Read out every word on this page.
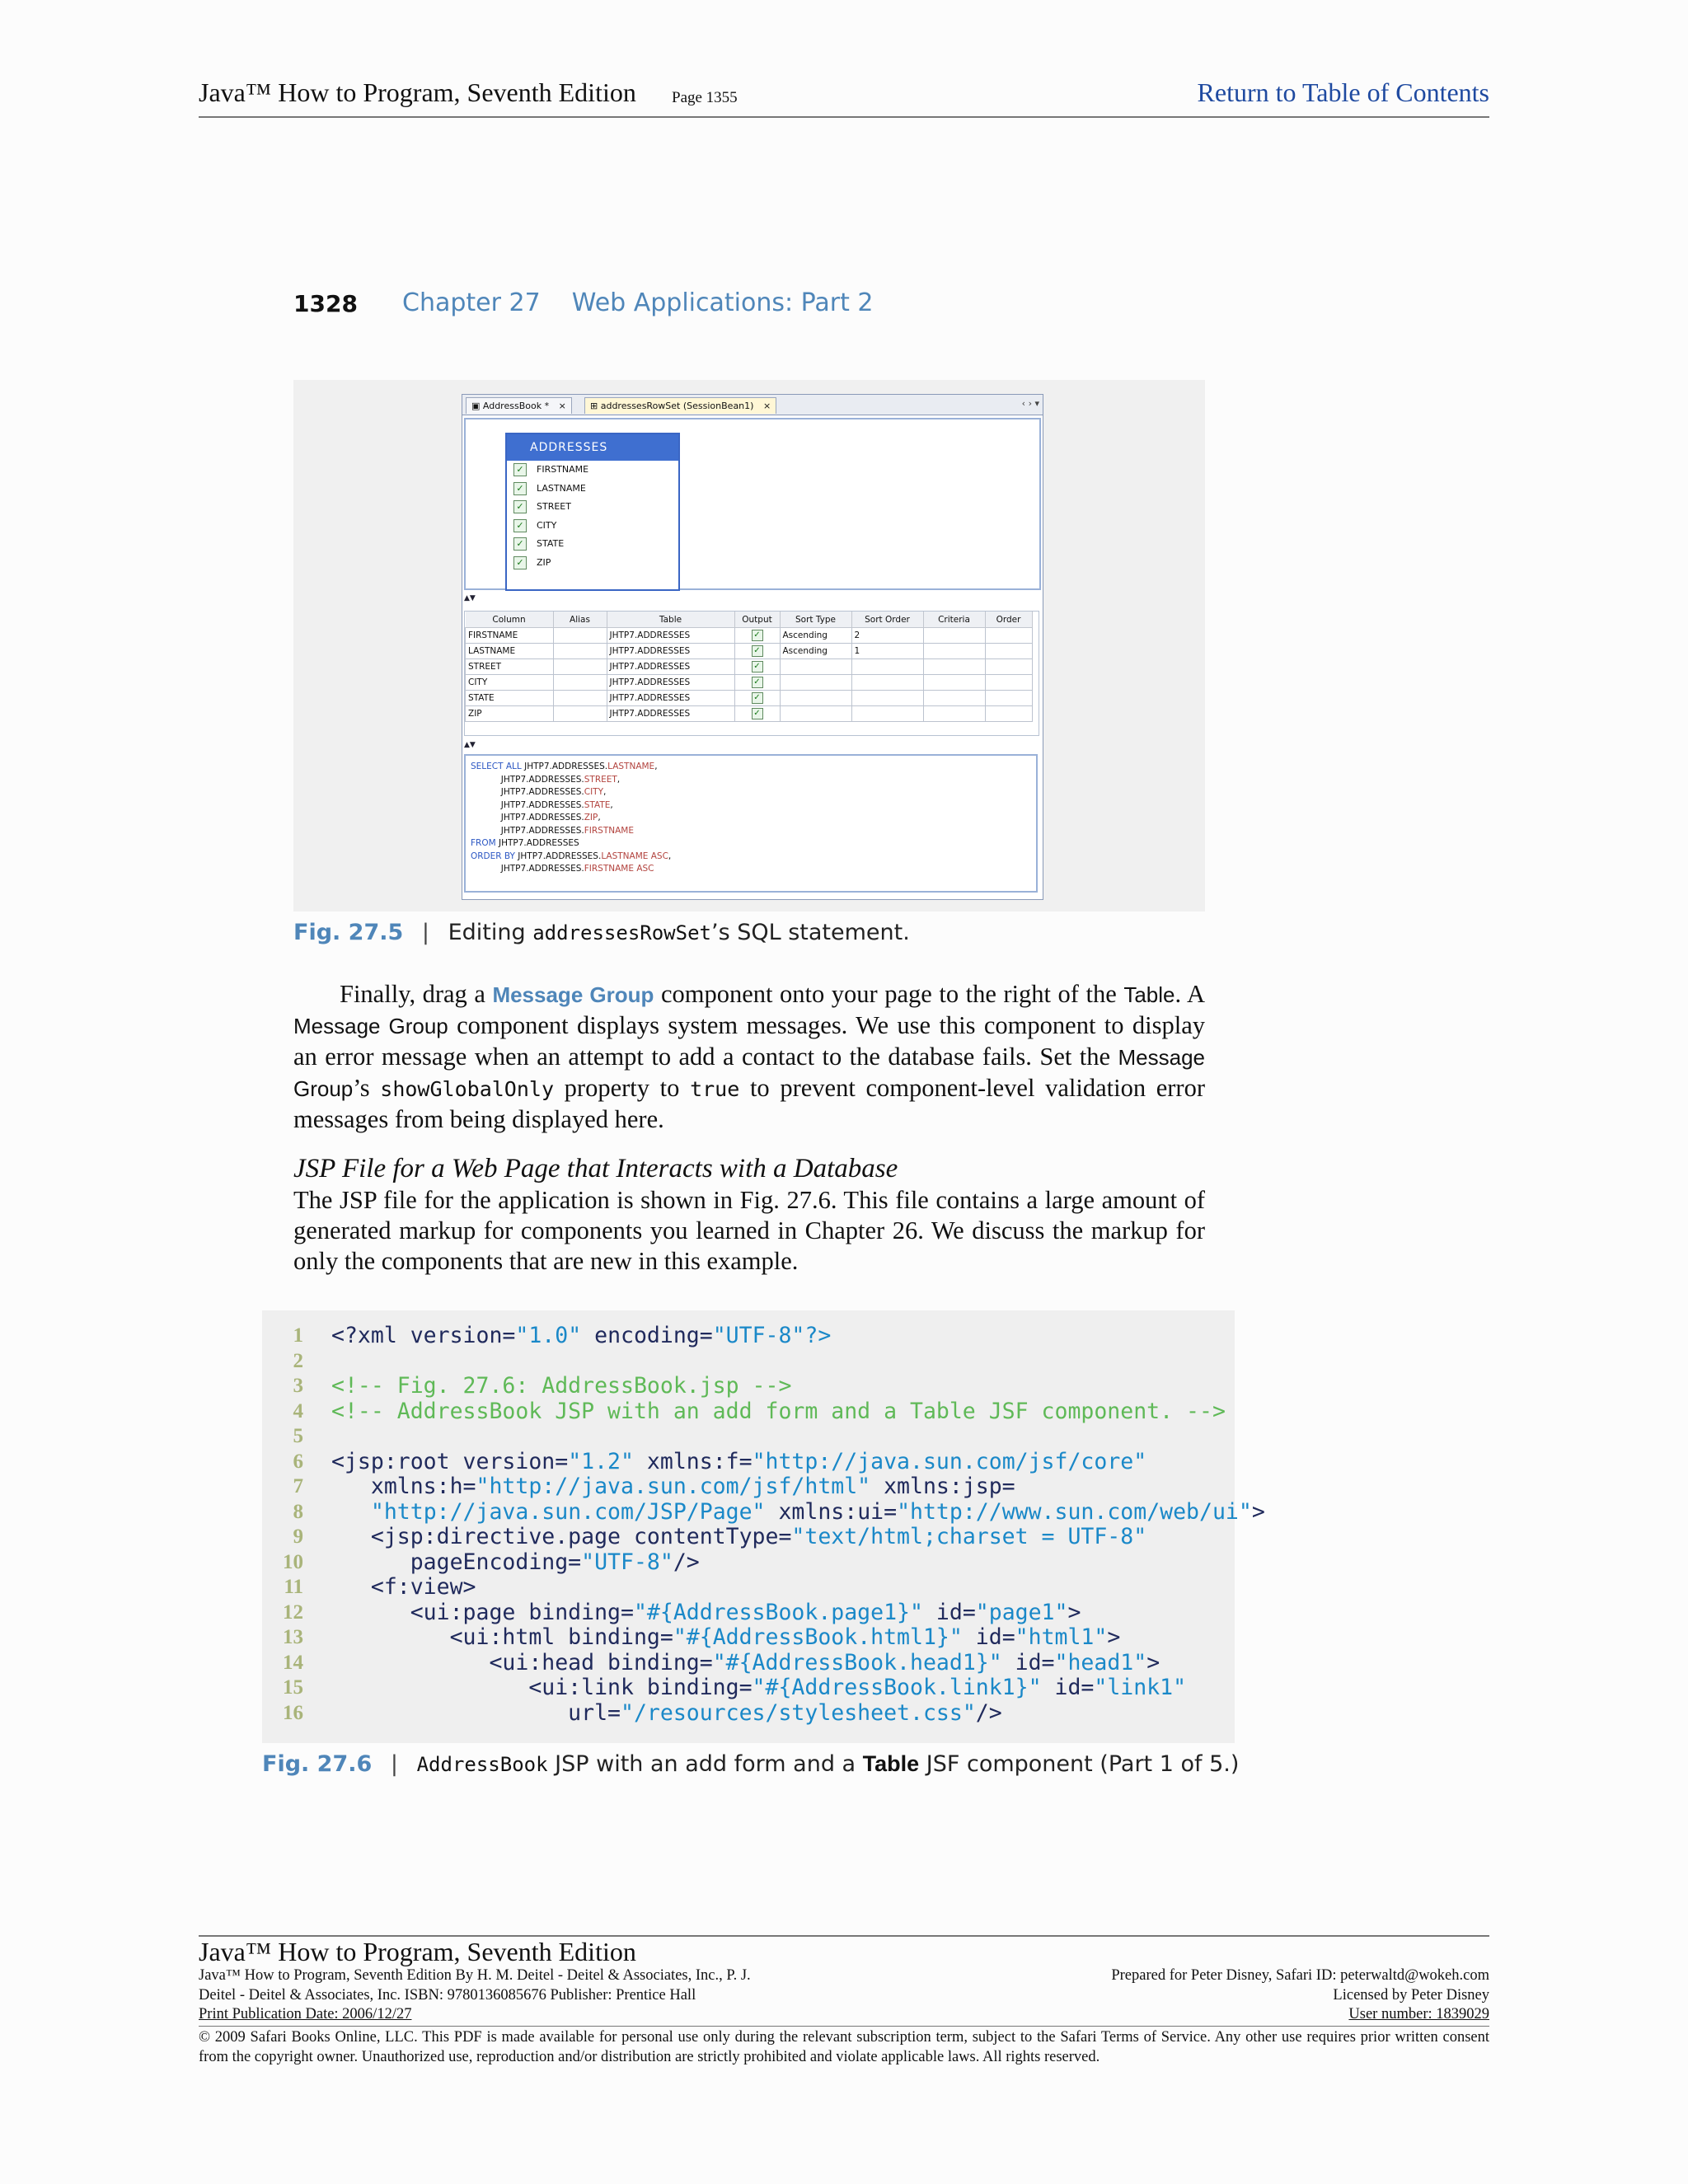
Java™ How to Program, Seventh Edition Page 1355	Return to Table of Contents
1328 Chapter 27    Web Applications: Part 2
▣ AddressBook * ×	⊞ addressesRowSet (SessionBean1) ×	‹ › ▾
ADDRESSES
✓ FIRSTNAME
✓ LASTNAME
✓ STREET
✓ CITY
✓ STATE
✓ ZIP
▲▼
Column	Alias	Table	Output	Sort Type	Sort Order	Criteria	Order
FIRSTNAME		JHTP7.ADDRESSES	✓	Ascending	2		
LASTNAME		JHTP7.ADDRESSES	✓	Ascending	1		
STREET		JHTP7.ADDRESSES	✓				
CITY		JHTP7.ADDRESSES	✓				
STATE		JHTP7.ADDRESSES	✓				
ZIP		JHTP7.ADDRESSES	✓				
▲▼
SELECT ALL JHTP7.ADDRESSES.LASTNAME,
JHTP7.ADDRESSES.STREET,
JHTP7.ADDRESSES.CITY,
JHTP7.ADDRESSES.STATE,
JHTP7.ADDRESSES.ZIP,
JHTP7.ADDRESSES.FIRSTNAME
FROM JHTP7.ADDRESSES
ORDER BY JHTP7.ADDRESSES.LASTNAME ASC,
JHTP7.ADDRESSES.FIRSTNAME ASC
Fig. 27.5 | Editing addressesRowSet’s SQL statement.
Finally, drag a Message Group component onto your page to the right of the Table. A Message Group component displays system messages. We use this component to display an error message when an attempt to add a contact to the database fails. Set the Message Group’s showGlobalOnly property to true to prevent component-level validation error messages from being displayed here.
JSP File for a Web Page that Interacts with a Database
The JSP file for the application is shown in Fig. 27.6. This file contains a large amount of generated markup for components you learned in Chapter 26. We discuss the markup for only the components that are new in this example.
1 <?xml version="1.0" encoding="UTF-8"?>
2
3 <!-- Fig. 27.6: AddressBook.jsp -->
4 <!-- AddressBook JSP with an add form and a Table JSF component. -->
5
6 <jsp:root version="1.2" xmlns:f="http://java.sun.com/jsf/core"
7 xmlns:h="http://java.sun.com/jsf/html" xmlns:jsp=
8	"http://java.sun.com/JSP/Page" xmlns:ui="http://www.sun.com/web/ui">
9 <jsp:directive.page contentType="text/html;charset = UTF-8"
10 pageEncoding="UTF-8"/>
11 <f:view>
12 <ui:page binding="#{AddressBook.page1}" id="page1">
13 <ui:html binding="#{AddressBook.html1}" id="html1">
14 <ui:head binding="#{AddressBook.head1}" id="head1">
15 <ui:link binding="#{AddressBook.link1}" id="link1"
16 url="/resources/stylesheet.css"/>
Fig. 27.6 | AddressBook JSP with an add form and a Table JSF component (Part 1 of 5.)
Java™ How to Program, Seventh Edition
Java™ How to Program, Seventh Edition By H. M. Deitel - Deitel & Associates, Inc., P. J.
Deitel - Deitel & Associates, Inc. ISBN: 9780136085676 Publisher: Prentice Hall
Print Publication Date: 2006/12/27
Prepared for Peter Disney, Safari ID: peterwaltd@wokeh.com
Licensed by Peter Disney
User number: 1839029
© 2009 Safari Books Online, LLC. This PDF is made available for personal use only during the relevant subscription term, subject to the Safari Terms of Service. Any other use requires prior written consent from the copyright owner. Unauthorized use, reproduction and/or distribution are strictly prohibited and violate applicable laws. All rights reserved.
